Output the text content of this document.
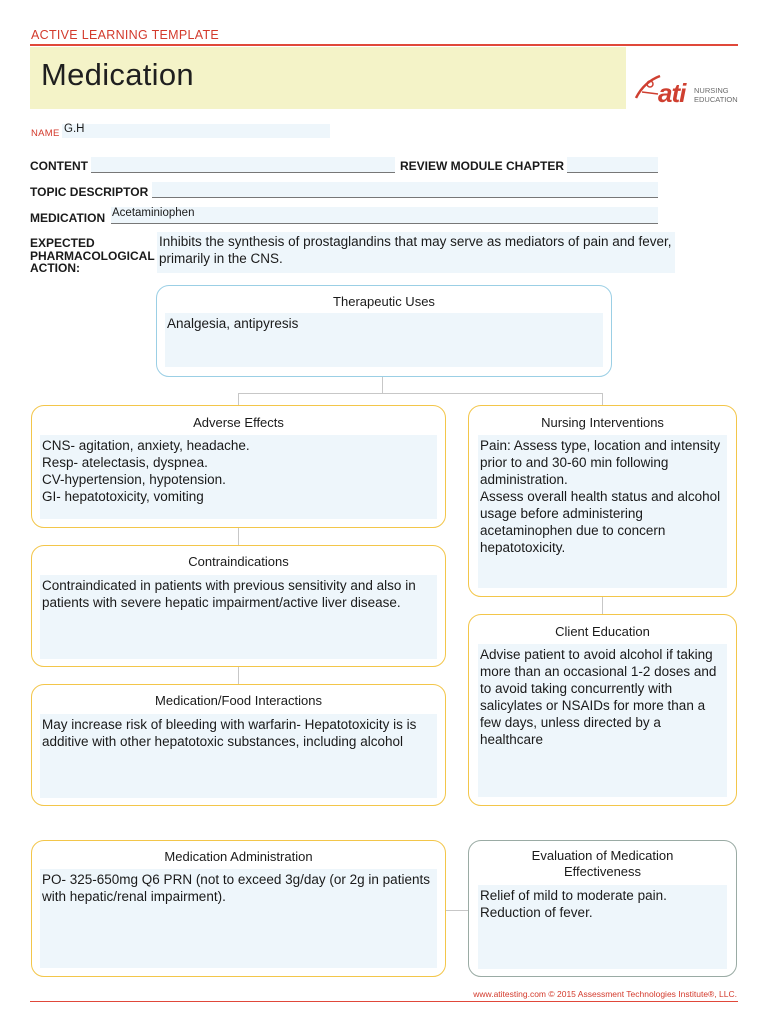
ACTIVE LEARNING TEMPLATE
Medication
ati NURSING
EDUCATION
NAME G.H
CONTENT	REVIEW MODULE CHAPTER
TOPIC DESCRIPTOR
MEDICATION Acetaminiophen
EXPECTED
PHARMACOLOGICAL
ACTION:
Inhibits the synthesis of prostaglandins that may serve as mediators of pain and fever, primarily in the CNS.
Therapeutic Uses
Analgesia, antipyresis
Adverse Effects
CNS- agitation, anxiety, headache.
Resp- atelectasis, dyspnea.
CV-hypertension, hypotension.
GI- hepatotoxicity, vomiting
Nursing Interventions
Pain: Assess type, location and intensity prior to and 30-60 min following administration.
Assess overall health status and alcohol usage before administering acetaminophen due to concern hepatotoxicity.
Contraindications
Contraindicated in patients with previous sensitivity and also in patients with severe hepatic impairment/active liver disease.
Client Education
Advise patient to avoid alcohol if taking more than an occasional 1-2 doses and to avoid taking concurrently with salicylates or NSAIDs for more than a few days, unless directed by a healthcare
Medication/Food Interactions
May increase risk of bleeding with warfarin- Hepatotoxicity is is additive with other hepatotoxic substances, including alcohol
Medication Administration
PO- 325-650mg Q6 PRN (not to exceed 3g/day (or 2g in patients with hepatic/renal impairment).
Evaluation of Medication
Effectiveness
Relief of mild to moderate pain.
Reduction of fever.
www.atitesting.com © 2015 Assessment Technologies Institute®, LLC.
